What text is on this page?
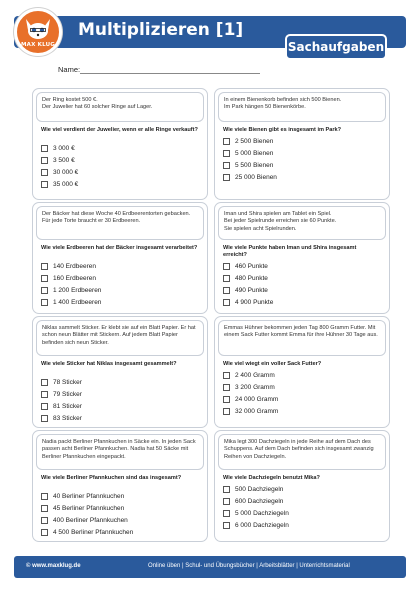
MAX KLUG
Multiplizieren [1]
Sachaufgaben
Name:
Der Ring kostet 500 €.
Der Juwelier hat 60 solcher Ringe auf Lager.
Wie viel verdient der Juwelier, wenn er alle Ringe verkauft?
3 000 €
3 500 €
30 000 €
35 000 €
In einem Bienenkorb befinden sich 500 Bienen.
Im Park hängen 50 Bienenkörbe.
Wie viele Bienen gibt es insgesamt im Park?
2 500 Bienen
5 000 Bienen
5 500 Bienen
25 000 Bienen
Der Bäcker hat diese Woche 40 Erdbeerentorten gebacken.
Für jede Torte braucht er 30 Erdbeeren.
Wie viele Erdbeeren hat der Bäcker insgesamt verarbeitet?
140 Erdbeeren
160 Erdbeeren
1 200 Erdbeeren
1 400 Erdbeeren
Iman und Shira spielen am Tablet ein Spiel.
Bei jeder Spielrunde erreichen sie 60 Punkte.
Sie spielen acht Spielrunden.
Wie viele Punkte haben Iman und Shira insgesamt erreicht?
460 Punkte
480 Punkte
490 Punkte
4 900 Punkte
Niklas sammelt Sticker. Er klebt sie auf ein Blatt Papier. Er hat schon neun Blätter mit Stickern. Auf jedem Blatt Papier befinden sich neun Sticker.
Wie viele Sticker hat Niklas insgesamt gesammelt?
78 Sticker
79 Sticker
81 Sticker
83 Sticker
Emmas Hühner bekommen jeden Tag 800 Gramm Futter. Mit einem Sack Futter kommt Emma für ihre Hühner 30 Tage aus.
Wie viel wiegt ein voller Sack Futter?
2 400 Gramm
3 200 Gramm
24 000 Gramm
32 000 Gramm
Nadia packt Berliner Pfannkuchen in Säcke ein. In jeden Sack passen acht Berliner Pfannkuchen. Nadia hat 50 Säcke mit Berliner Pfannkuchen eingepackt.
Wie viele Berliner Pfannkuchen sind das insgesamt?
40 Berliner Pfannkuchen
45 Berliner Pfannkuchen
400 Berliner Pfannkuchen
4 500 Berliner Pfannkuchen
Mika legt 300 Dachziegeln in jede Reihe auf dem Dach des Schuppens. Auf dem Dach befinden sich insgesamt zwanzig Reihen von Dachziegeln.
Wie viele Dachziegeln benutzt Mika?
500 Dachziegeln
600 Dachziegeln
5 000 Dachziegeln
6 000 Dachziegeln
© www.maxklug.de	Online üben | Schul- und Übungsbücher | Arbeitsblätter | Unterrichtsmaterial
